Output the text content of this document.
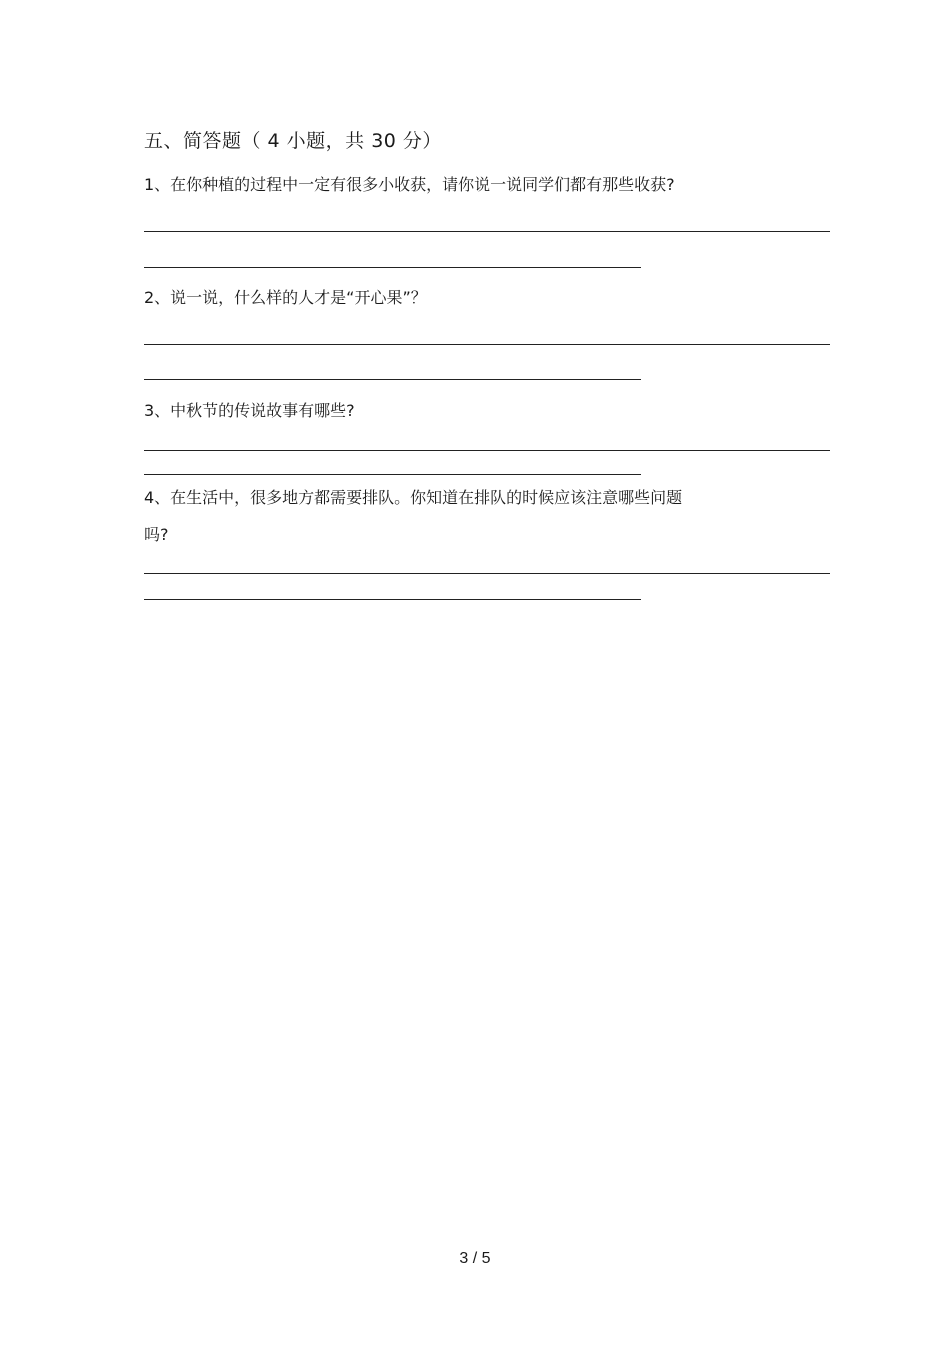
五、简答题（ 4 小题，共 30 分）
1、在你种植的过程中一定有很多小收获，请你说一说同学们都有那些收获?
2、说一说，什么样的人才是“开心果”？
3、中秋节的传说故事有哪些?
4、在生活中，很多地方都需要排队。你知道在排队的时候应该注意哪些问题
吗?
3 / 5
